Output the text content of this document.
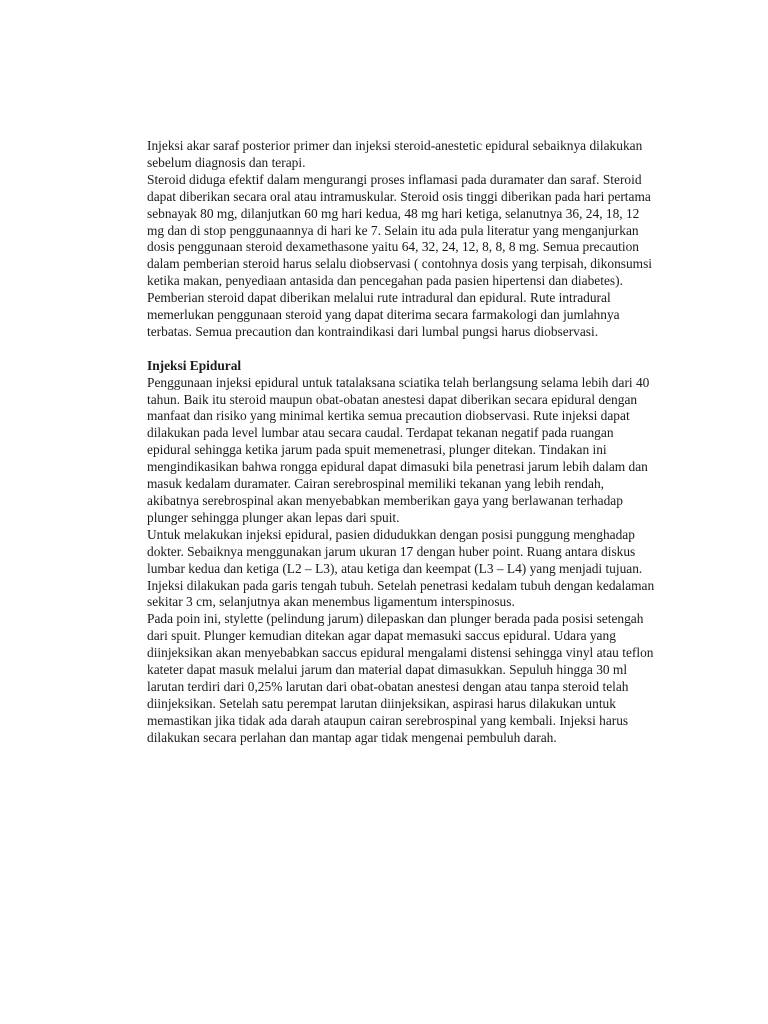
Injeksi akar saraf posterior primer dan injeksi steroid-anestetic epidural sebaiknya dilakukan sebelum diagnosis dan terapi.

Steroid diduga efektif dalam mengurangi proses inflamasi pada duramater dan saraf. Steroid dapat diberikan secara oral atau intramuskular. Steroid osis tinggi diberikan pada hari pertama sebnayak 80 mg, dilanjutkan 60 mg hari kedua, 48 mg hari ketiga, selanutnya 36, 24, 18, 12 mg dan di stop penggunaannya di hari ke 7. Selain itu ada pula literatur yang menganjurkan dosis penggunaan steroid dexamethasone yaitu 64, 32, 24, 12, 8, 8, 8 mg. Semua precaution dalam pemberian steroid harus selalu diobservasi ( contohnya dosis yang terpisah, dikonsumsi ketika makan, penyediaan antasida dan pencegahan pada pasien hipertensi dan diabetes).

Pemberian steroid dapat diberikan melalui rute intradural dan epidural. Rute intradural memerlukan penggunaan steroid yang dapat diterima secara farmakologi dan jumlahnya terbatas. Semua precaution dan kontraindikasi dari lumbal pungsi harus diobservasi.

Injeksi Epidural

Penggunaan injeksi epidural untuk tatalaksana sciatika telah berlangsung selama lebih dari 40 tahun. Baik itu steroid maupun obat-obatan anestesi dapat diberikan secara epidural dengan manfaat dan risiko yang minimal kertika semua precaution diobservasi. Rute injeksi dapat dilakukan pada level lumbar atau secara caudal. Terdapat tekanan negatif pada ruangan epidural sehingga ketika jarum pada spuit memenetrasi, plunger ditekan. Tindakan ini mengindikasikan bahwa rongga epidural dapat dimasuki bila penetrasi jarum lebih dalam dan masuk kedalam duramater. Cairan serebrospinal memiliki tekanan yang lebih rendah, akibatnya serebrospinal akan menyebabkan memberikan gaya yang berlawanan terhadap plunger sehingga plunger akan lepas dari spuit.

Untuk melakukan injeksi epidural, pasien didudukkan dengan posisi punggung menghadap dokter. Sebaiknya menggunakan jarum ukuran 17 dengan huber point. Ruang antara diskus lumbar kedua dan ketiga (L2 – L3), atau ketiga dan keempat (L3 – L4) yang menjadi tujuan. Injeksi dilakukan pada garis tengah tubuh. Setelah penetrasi kedalam tubuh dengan kedalaman sekitar 3 cm, selanjutnya akan menembus ligamentum interspinosus.

Pada poin ini, stylette (pelindung jarum) dilepaskan dan plunger berada pada posisi setengah dari spuit. Plunger kemudian ditekan agar dapat memasuki saccus epidural. Udara yang diinjeksikan akan menyebabkan saccus epidural mengalami distensi sehingga vinyl atau teflon kateter dapat masuk melalui jarum dan material dapat dimasukkan. Sepuluh hingga 30 ml larutan terdiri dari 0,25% larutan dari obat-obatan anestesi dengan atau tanpa steroid telah diinjeksikan. Setelah satu perempat larutan diinjeksikan, aspirasi harus dilakukan untuk memastikan jika tidak ada darah ataupun cairan serebrospinal yang kembali. Injeksi harus dilakukan secara perlahan dan mantap agar tidak mengenai pembuluh darah.
